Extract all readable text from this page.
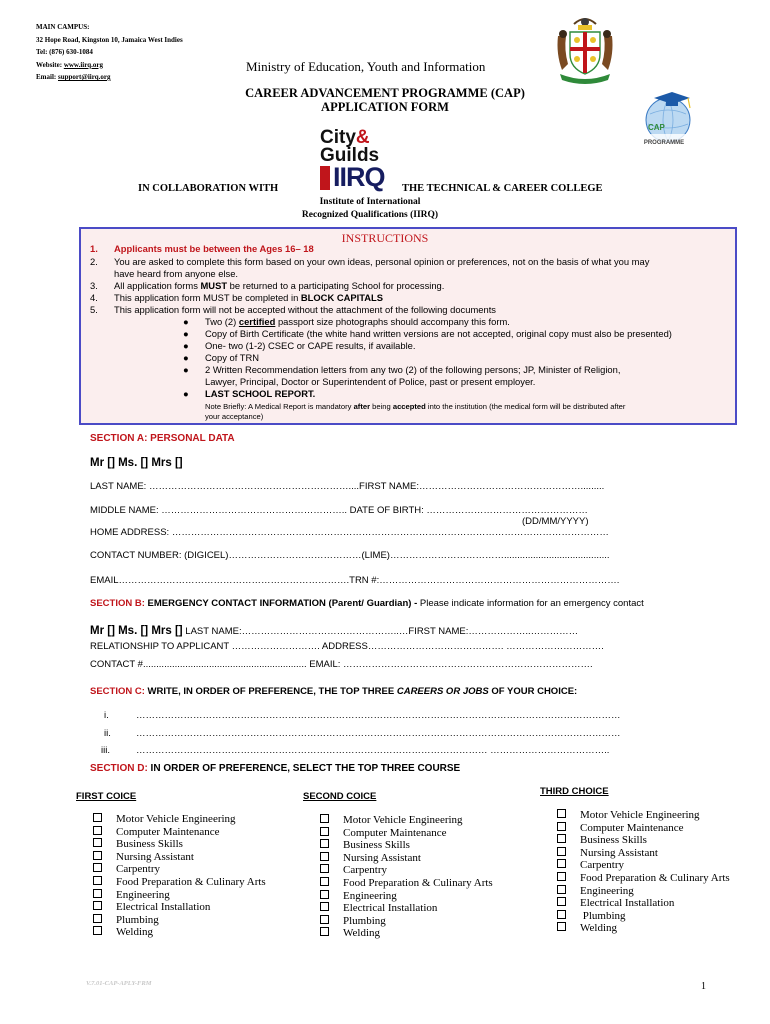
MAIN CAMPUS:
32 Hope Road, Kingston 10, Jamaica West Indies
Tel: (876) 630-1084
Website: www.iirq.org
Email: support@iirq.org
Ministry of Education, Youth and Information
CAREER ADVANCEMENT PROGRAMME (CAP)
APPLICATION FORM
CAP
PROGRAMME
City&
Guilds
IIRQ
IN COLLABORATION WITH	THE TECHNICAL & CAREER COLLEGE
Institute of International
Recognized Qualifications (IIRQ)
INSTRUCTIONS
1. Applicants must be between the Ages 16– 18
2. You are asked to complete this form based on your own ideas, personal opinion or preferences, not on the basis of what you may
have heard from anyone else.
3. All application forms MUST be returned to a participating School for processing.
4. This application form MUST be completed in BLOCK CAPITALS
5. This application form will not be accepted without the attachment of the following documents
● Two (2) certified passport size photographs should accompany this form.
● Copy of Birth Certificate (the white hand written versions are not accepted, original copy must also be presented)
● One- two (1-2) CSEC or CAPE results, if available.
● Copy of TRN
● 2 Written Recommendation letters from any two (2) of the following persons; JP, Minister of Religion,
Lawyer, Principal, Doctor or Superintendent of Police, past or present employer.
● LAST SCHOOL REPORT.
Note Briefly: A Medical Report is mandatory after being accepted into the institution (the medical form will be distributed after
your acceptance)
SECTION A: PERSONAL DATA
Mr [] Ms. [] Mrs []
LAST NAME: ………………………………………………………....FIRST NAME:…………………………………………….........
MIDDLE NAME: ………………………………………………….. DATE OF BIRTH: ……………………………………………
(DD/MM/YYYY)
HOME ADDRESS: …………………………………………………………………………………………………………………………
CONTACT NUMBER: (DIGICEL)……………………………………(LIME)………………………………........................................
EMAIL……………………………………………………………….TRN #:………………………………………………………………….
SECTION B: EMERGENCY CONTACT INFORMATION (Parent/ Guardian) - Please indicate information for an emergency contact
Mr [] Ms. [] Mrs [] LAST NAME:…………………………………………..…FIRST NAME:………………..……………
RELATIONSHIP TO APPLICANT ………………………. ADDRESS……………………………………. ………………………….
CONTACT #.............................................................. EMAIL: …………………………………………………………………….
SECTION C: WRITE, IN ORDER OF PREFERENCE, THE TOP THREE CAREERS OR JOBS OF YOUR CHOICE:
i.	………………………………………………………………………………………………………………………………………
ii.	………………………………………………………………………………………………………………………………………
iii.	………………………………………………………………………………………………… ………………………………..
SECTION D: IN ORDER OF PREFERENCE, SELECT THE TOP THREE COURSE
FIRST COICE	SECOND COICE	THIRD CHOICE
Motor Vehicle Engineering
Computer Maintenance
Business Skills
Nursing Assistant
Carpentry
Food Preparation & Culinary Arts
Engineering
Electrical Installation
Plumbing
Welding
Motor Vehicle Engineering
Computer Maintenance
Business Skills
Nursing Assistant
Carpentry
Food Preparation & Culinary Arts
Engineering
Electrical Installation
Plumbing
Welding
Motor Vehicle Engineering
Computer Maintenance
Business Skills
Nursing Assistant
Carpentry
Food Preparation & Culinary Arts
Engineering
Electrical Installation
Plumbing
Welding
V.7.01-CAP-APLY-FRM	1
